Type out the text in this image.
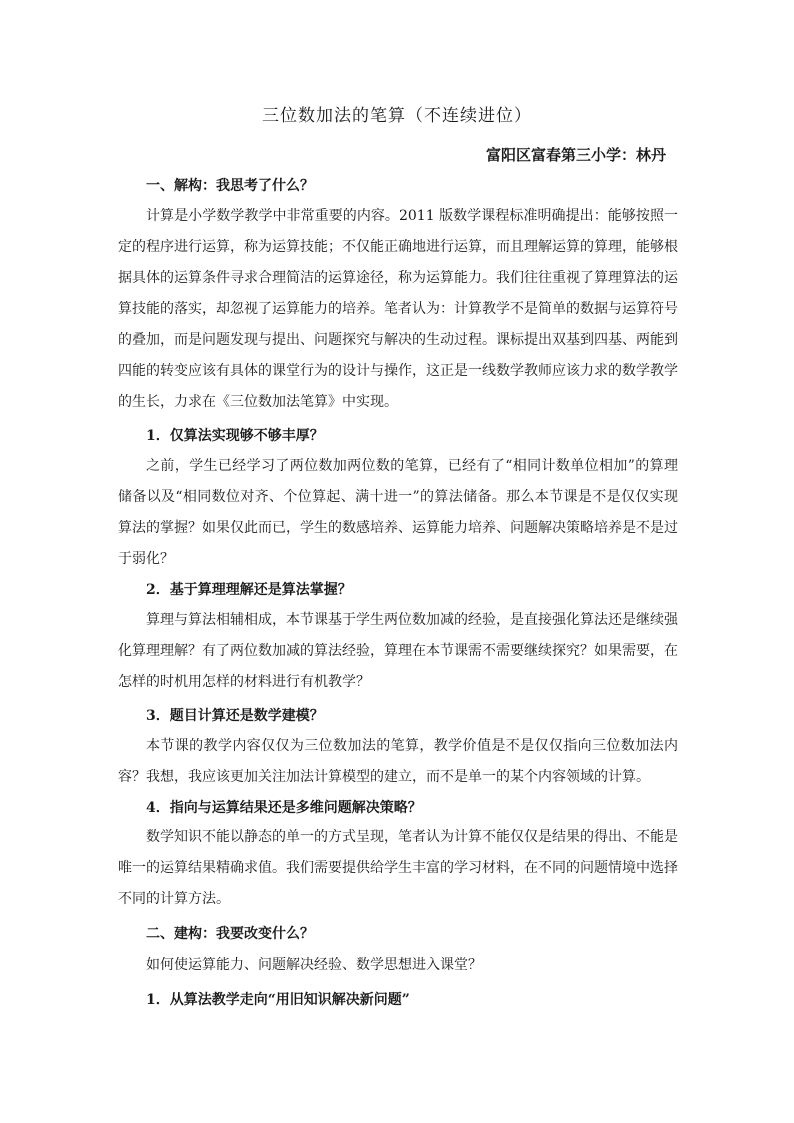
三位数加法的笔算（不连续进位）
富阳区富春第三小学：林丹
一、解构：我思考了什么？

计算是小学数学教学中非常重要的内容。2011 版数学课程标准明确提出：能够按照一定的程序进行运算，称为运算技能；不仅能正确地进行运算，而且理解运算的算理，能够根据具体的运算条件寻求合理简洁的运算途径，称为运算能力。我们往往重视了算理算法的运算技能的落实，却忽视了运算能力的培养。笔者认为：计算教学不是简单的数据与运算符号的叠加，而是问题发现与提出、问题探究与解决的生动过程。课标提出双基到四基、两能到四能的转变应该有具体的课堂行为的设计与操作，这正是一线数学教师应该力求的数学教学的生长，力求在《三位数加法笔算》中实现。

1．仅算法实现够不够丰厚？

之前，学生已经学习了两位数加两位数的笔算，已经有了“相同计数单位相加”的算理储备以及“相同数位对齐、个位算起、满十进一”的算法储备。那么本节课是不是仅仅实现算法的掌握？如果仅此而已，学生的数感培养、运算能力培养、问题解决策略培养是不是过于弱化？

2．基于算理理解还是算法掌握？

算理与算法相辅相成，本节课基于学生两位数加减的经验，是直接强化算法还是继续强化算理理解？有了两位数加减的算法经验，算理在本节课需不需要继续探究？如果需要，在怎样的时机用怎样的材料进行有机教学？

3．题目计算还是数学建模？

本节课的教学内容仅仅为三位数加法的笔算，教学价值是不是仅仅指向三位数加法内容？我想，我应该更加关注加法计算模型的建立，而不是单一的某个内容领域的计算。

4．指向与运算结果还是多维问题解决策略？

数学知识不能以静态的单一的方式呈现，笔者认为计算不能仅仅是结果的得出、不能是唯一的运算结果精确求值。我们需要提供给学生丰富的学习材料，在不同的问题情境中选择不同的计算方法。

二、建构：我要改变什么？

如何使运算能力、问题解决经验、数学思想进入课堂？

1．从算法教学走向“用旧知识解决新问题”
